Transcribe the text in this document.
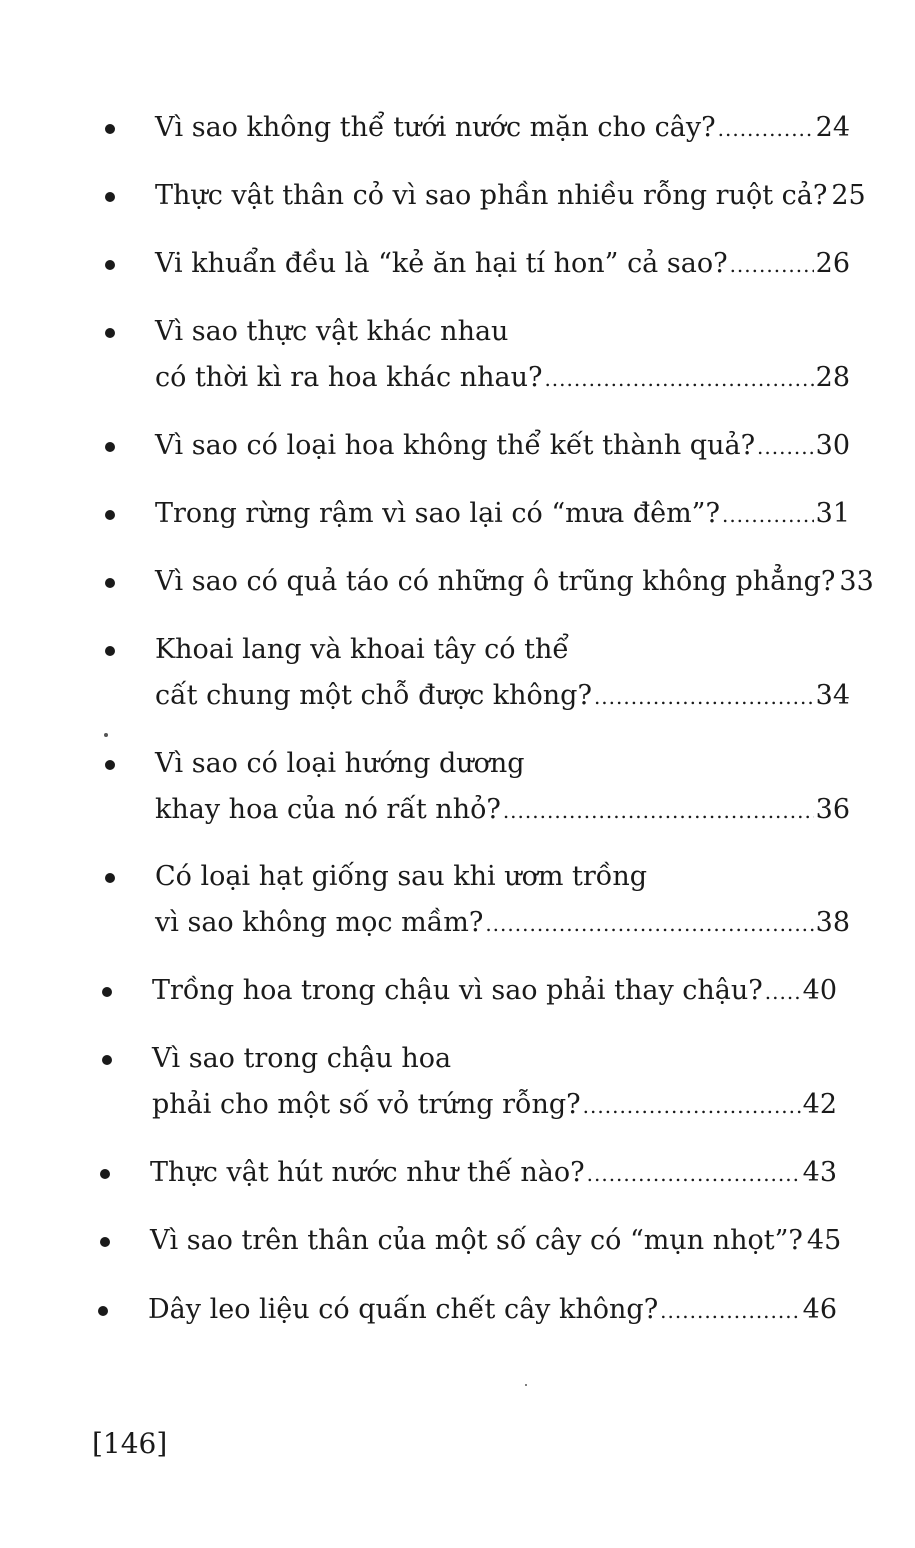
Vì sao không thể tưới nước mặn cho cây? .....	24
Thực vật thân cỏ vì sao phần nhiều rỗng ruột cả? 25
Vi khuẩn đều là “kẻ ăn hại tí hon” cả sao? .....	26
Vì sao thực vật khác nhau
có thời kì ra hoa khác nhau? .....	28
Vì sao có loại hoa không thể kết thành quả? ..... 30
Trong rừng rậm vì sao lại có “mưa đêm”? .....	31
Vì sao có quả táo có những ô trũng không phẳng? 33
Khoai lang và khoai tây có thể
cất chung một chỗ được không? .....	34
Vì sao có loại hướng dương
khay hoa của nó rất nhỏ? .....	36
Có loại hạt giống sau khi ươm trồng
vì sao không mọc mầm? .....	38
Trồng hoa trong chậu vì sao phải thay chậu? ..... 40
Vì sao trong chậu hoa
phải cho một số vỏ trứng rỗng? .....	42
Thực vật hút nước như thế nào? .....	43
Vì sao trên thân của một số cây có “mụn nhọt”? 45
Dây leo liệu có quấn chết cây không? .....	46
[146]
